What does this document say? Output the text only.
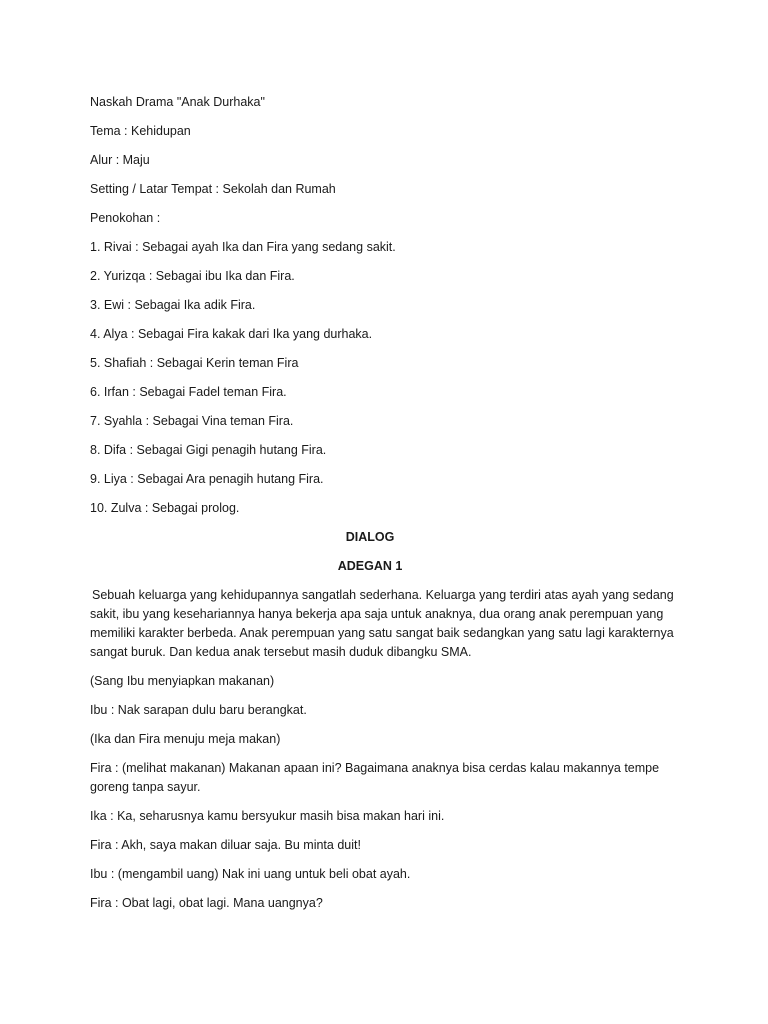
Naskah Drama "Anak Durhaka"

Tema : Kehidupan

Alur : Maju

Setting / Latar Tempat : Sekolah dan Rumah

Penokohan :

1. Rivai : Sebagai ayah Ika dan Fira yang sedang sakit.

2. Yurizqa : Sebagai ibu Ika dan Fira.

3. Ewi : Sebagai Ika adik Fira.

4. Alya : Sebagai Fira kakak dari Ika yang durhaka.

5. Shafiah : Sebagai Kerin teman Fira

6. Irfan : Sebagai Fadel teman Fira.

7. Syahla : Sebagai Vina teman Fira.

8. Difa : Sebagai Gigi penagih hutang Fira.

9. Liya : Sebagai Ara penagih hutang Fira.

10. Zulva : Sebagai prolog.

DIALOG

ADEGAN 1

Sebuah keluarga yang kehidupannya sangatlah sederhana. Keluarga yang terdiri atas ayah yang sedang
sakit, ibu yang kesehariannya hanya bekerja apa saja untuk anaknya, dua orang anak perempuan yang
memiliki karakter berbeda. Anak perempuan yang satu sangat baik sedangkan yang satu lagi karakternya
sangat buruk. Dan kedua anak tersebut masih duduk dibangku SMA.

(Sang Ibu menyiapkan makanan)

Ibu : Nak sarapan dulu baru berangkat.

(Ika dan Fira menuju meja makan)

Fira : (melihat makanan) Makanan apaan ini? Bagaimana anaknya bisa cerdas kalau makannya tempe
goreng tanpa sayur.

Ika : Ka, seharusnya kamu bersyukur masih bisa makan hari ini.

Fira : Akh, saya makan diluar saja. Bu minta duit!

Ibu : (mengambil uang) Nak ini uang untuk beli obat ayah.

Fira : Obat lagi, obat lagi. Mana uangnya?
